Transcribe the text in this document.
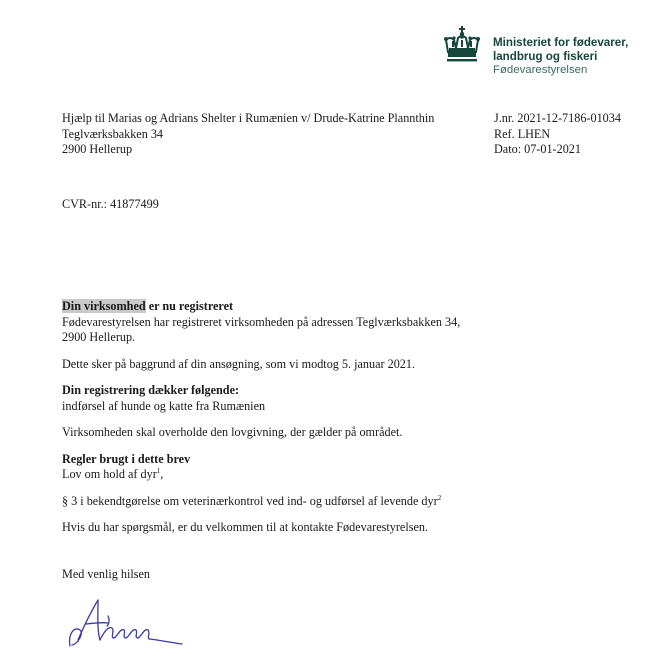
Ministeriet for fødevarer,
landbrug og fiskeri
Fødevarestyrelsen
Hjælp til Marias og Adrians Shelter i Rumænien v/ Drude-Katrine Plannthin
Teglværksbakken 34
2900 Hellerup
J.nr. 2021-12-7186-01034
Ref. LHEN
Dato: 07-01-2021
CVR-nr.: 41877499

Din virksomhed er nu registreret

Fødevarestyrelsen har registreret virksomheden på adressen Teglværksbakken 34,

2900 Hellerup.

Dette sker på baggrund af din ansøgning, som vi modtog 5. januar 2021.

Din registrering dækker følgende:

indførsel af hunde og katte fra Rumænien

Virksomheden skal overholde den lovgivning, der gælder på området.

Regler brugt i dette brev

Lov om hold af dyr$^1$,

§ 3 i bekendtgørelse om veterinærkontrol ved ind- og udførsel af levende dyr$^2$

Hvis du har spørgsmål, er du velkommen til at kontakte Fødevarestyrelsen.

Med venlig hilsen
